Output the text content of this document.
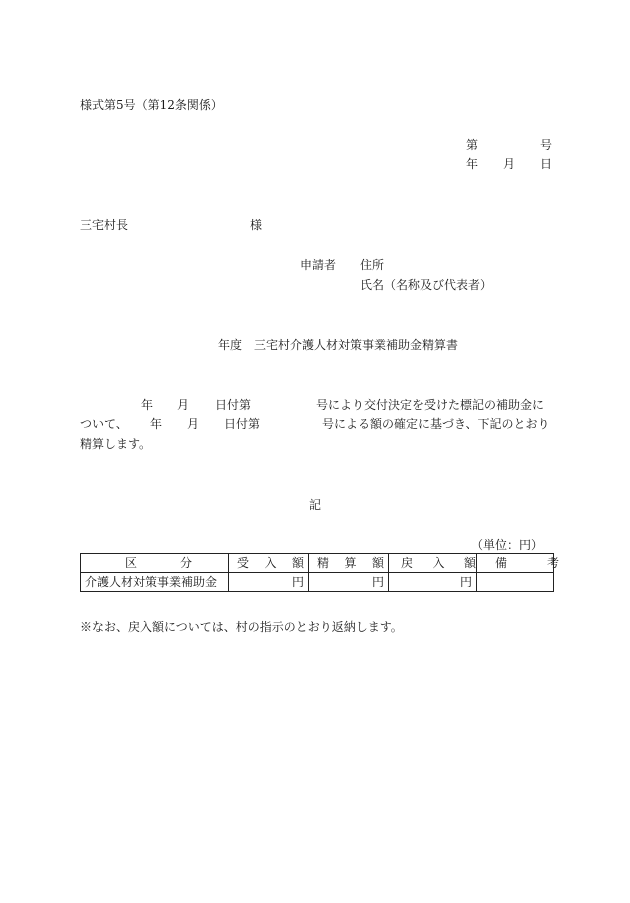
様式第5号（第12条関係）
第	号
年 月 日
三宅村長	様
申請者 住所
氏名（名称及び代表者）
年度　三宅村介護人材対策事業補助金精算書
年 月 日付第	号により交付決定を受けた標記の補助金に
ついて、 年 月 日付第	号による額の確定に基づき、下記のとおり
精算します。
記
（単位：円）
区 分	受 入 額	精 算 額	戻 入 額	備 考

介護人材対策事業補助金	円	円	円	
※なお、戻入額については、村の指示のとおり返納します。
